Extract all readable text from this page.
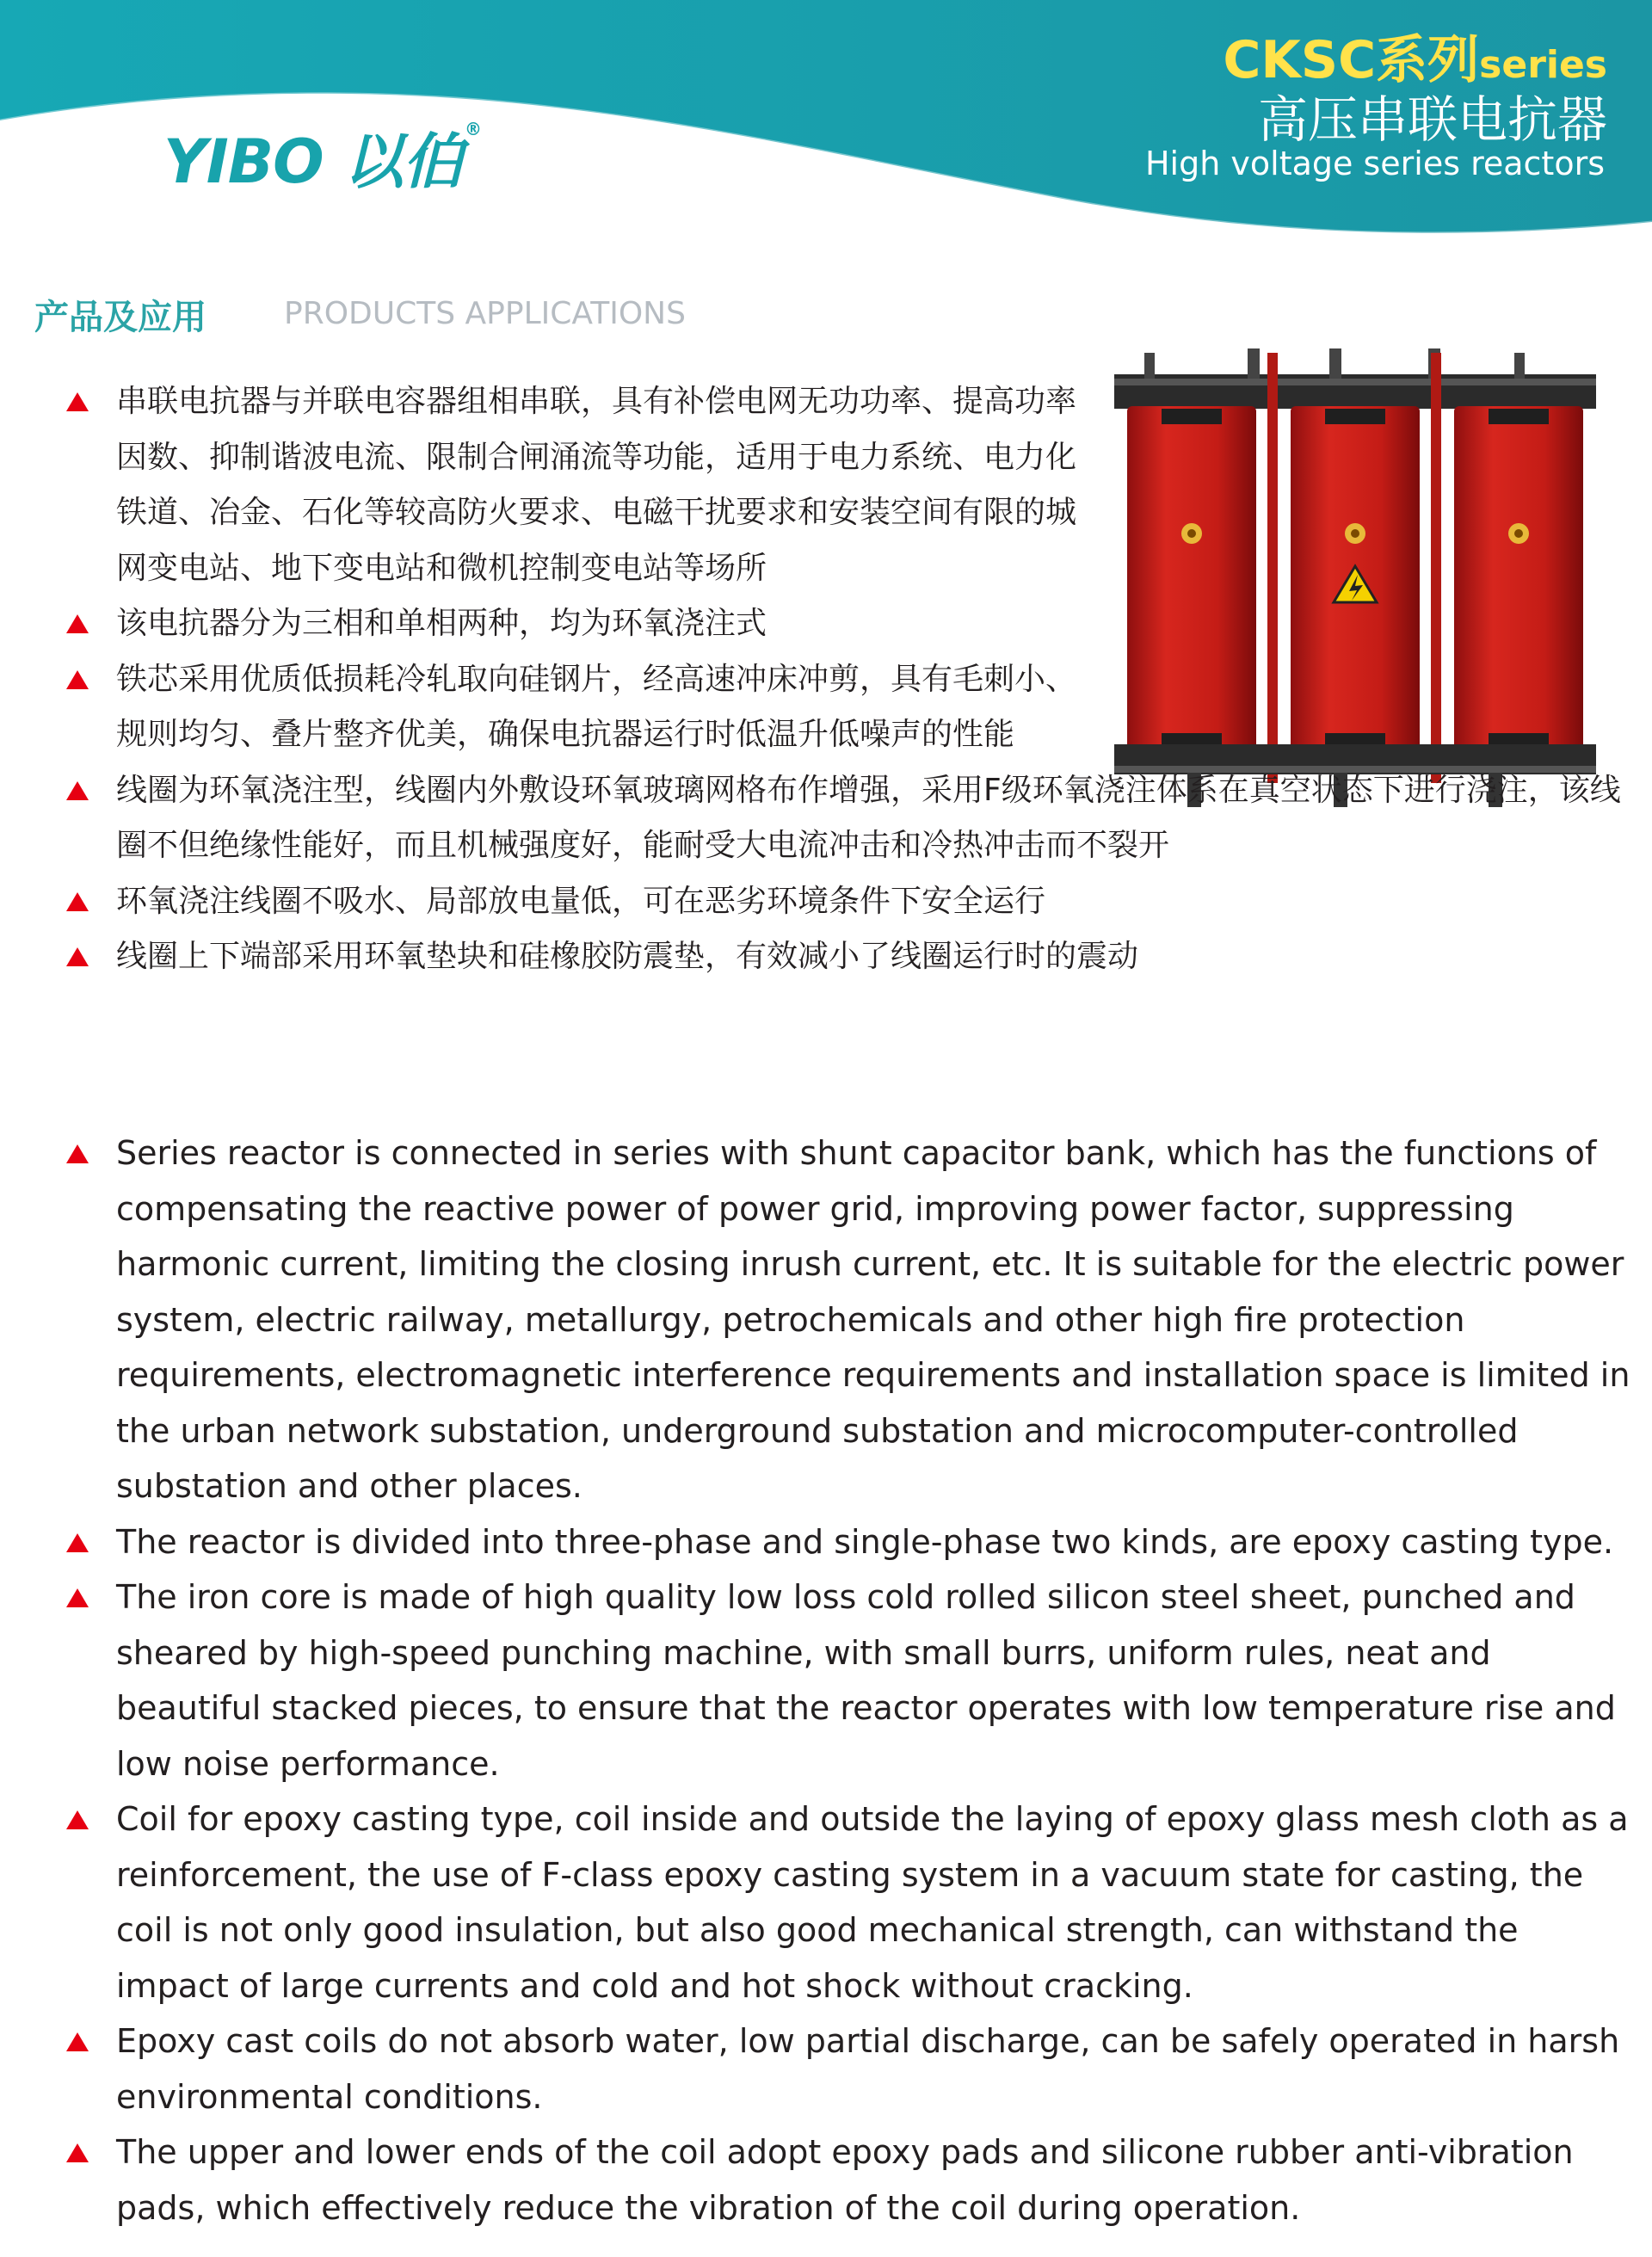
YIBO 以伯 ®
CKSC系列series
高压串联电抗器
High voltage series reactors
产品及应用	PRODUCTS APPLICATIONS
串联电抗器与并联电容器组相串联，具有补偿电网无功功率、提高功率因数、抑制谐波电流、限制合闸涌流等功能，适用于电力系统、电力化铁道、冶金、石化等较高防火要求、电磁干扰要求和安装空间有限的城网变电站、地下变电站和微机控制变电站等场所
该电抗器分为三相和单相两种，均为环氧浇注式
铁芯采用优质低损耗冷轧取向硅钢片，经高速冲床冲剪，具有毛刺小、规则均匀、叠片整齐优美，确保电抗器运行时低温升低噪声的性能
线圈为环氧浇注型，线圈内外敷设环氧玻璃网格布作增强，采用F级环氧浇注体系在真空状态下进行浇注，该线圈不但绝缘性能好，而且机械强度好，能耐受大电流冲击和冷热冲击而不裂开
环氧浇注线圈不吸水、局部放电量低，可在恶劣环境条件下安全运行
线圈上下端部采用环氧垫块和硅橡胶防震垫，有效减小了线圈运行时的震动
Series reactor is connected in series with shunt capacitor bank, which has the functions of compensating the reactive power of power grid, improving power factor, suppressing harmonic current, limiting the closing inrush current, etc. It is suitable for the electric power system, electric railway, metallurgy, petrochemicals and other high fire protection requirements, electromagnetic interference requirements and installation space is limited in the urban network substation, underground substation and microcomputer-controlled substation and other places.
The reactor is divided into three-phase and single-phase two kinds, are epoxy casting type.
The iron core is made of high quality low loss cold rolled silicon steel sheet, punched and sheared by high-speed punching machine, with small burrs, uniform rules, neat and beautiful stacked pieces, to ensure that the reactor operates with low temperature rise and low noise performance.
Coil for epoxy casting type, coil inside and outside the laying of epoxy glass mesh cloth as a reinforcement, the use of F-class epoxy casting system in a vacuum state for casting, the coil is not only good insulation, but also good mechanical strength, can withstand the impact of large currents and cold and hot shock without cracking.
Epoxy cast coils do not absorb water, low partial discharge, can be safely operated in harsh environmental conditions.
The upper and lower ends of the coil adopt epoxy pads and silicone rubber anti-vibration pads, which effectively reduce the vibration of the coil during operation.
